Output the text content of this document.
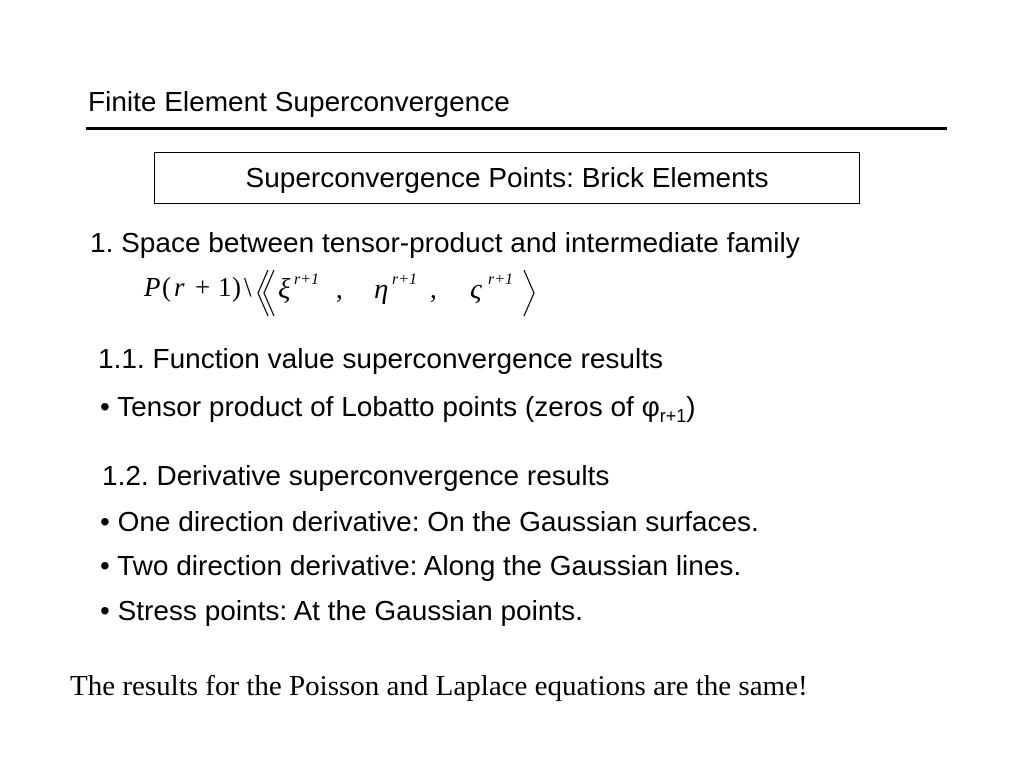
Finite Element Superconvergence
Superconvergence Points: Brick Elements
1. Space between tensor-product and intermediate family
P ( r + 1 ) \ ξ r+1 , η r+1 , ς r+1
1.1. Function value superconvergence results
• Tensor product of Lobatto points (zeros of $\varphi_{r+1}$)
1.2. Derivative superconvergence results
• One direction derivative: On the Gaussian surfaces.
• Two direction derivative: Along the Gaussian lines.
• Stress points: At the Gaussian points.
The results for the Poisson and Laplace equations are the same!
